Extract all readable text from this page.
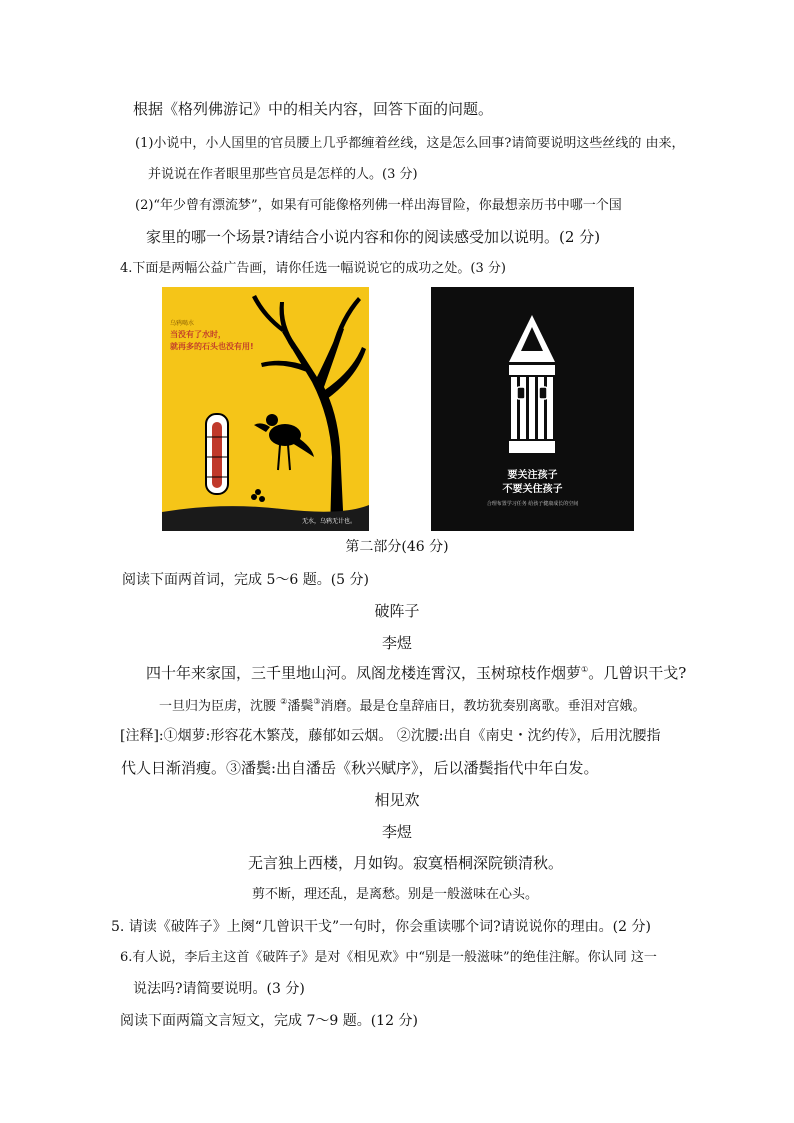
根据《格列佛游记》中的相关内容，回答下面的问题。
(1)小说中，小人国里的官员腰上几乎都缠着丝线，这是怎么回事?请简要说明这些丝线的 由来，
并说说在作者眼里那些官员是怎样的人。(3 分)
(2)“年少曾有漂流梦”，如果有可能像格列佛一样出海冒险，你最想亲历书中哪一个国
家里的哪一个场景?请结合小说内容和你的阅读感受加以说明。(2 分)
4.下面是两幅公益广告画，请你任选一幅说说它的成功之处。(3 分)
乌鸦喝水
当没有了水时，
就再多的石头也没有用!
无水，乌鸦无计也。
要关注孩子
不要关住孩子
合理布置学习任务 给孩子健康成长的空间
第二部分(46 分)
阅读下面两首词，完成 5～6 题。(5 分)
破阵子
李煜
四十年来家国，三千里地山河。凤阁龙楼连霄汉，玉树琼枝作烟萝①。几曾识干戈?
一旦归为臣虏，沈腰 ②潘鬓③消磨。最是仓皇辞庙日，教坊犹奏别离歌。垂泪对宫娥。
[注释]:①烟萝:形容花木繁茂，藤郁如云烟。 ②沈腰:出自《南史・沈约传》，后用沈腰指
代人日渐消瘦。③潘鬓:出自潘岳《秋兴赋序》，后以潘鬓指代中年白发。
相见欢
李煜
无言独上西楼，月如钩。寂寞梧桐深院锁清秋。
剪不断，理还乱，是离愁。别是一般滋味在心头。
5. 请读《破阵子》上阕“几曾识干戈”一句时，你会重读哪个词?请说说你的理由。(2 分)
6.有人说，李后主这首《破阵子》是对《相见欢》中“别是一般滋味”的绝佳注解。你认同 这一
说法吗?请简要说明。(3 分)
阅读下面两篇文言短文，完成 7～9 题。(12 分)
